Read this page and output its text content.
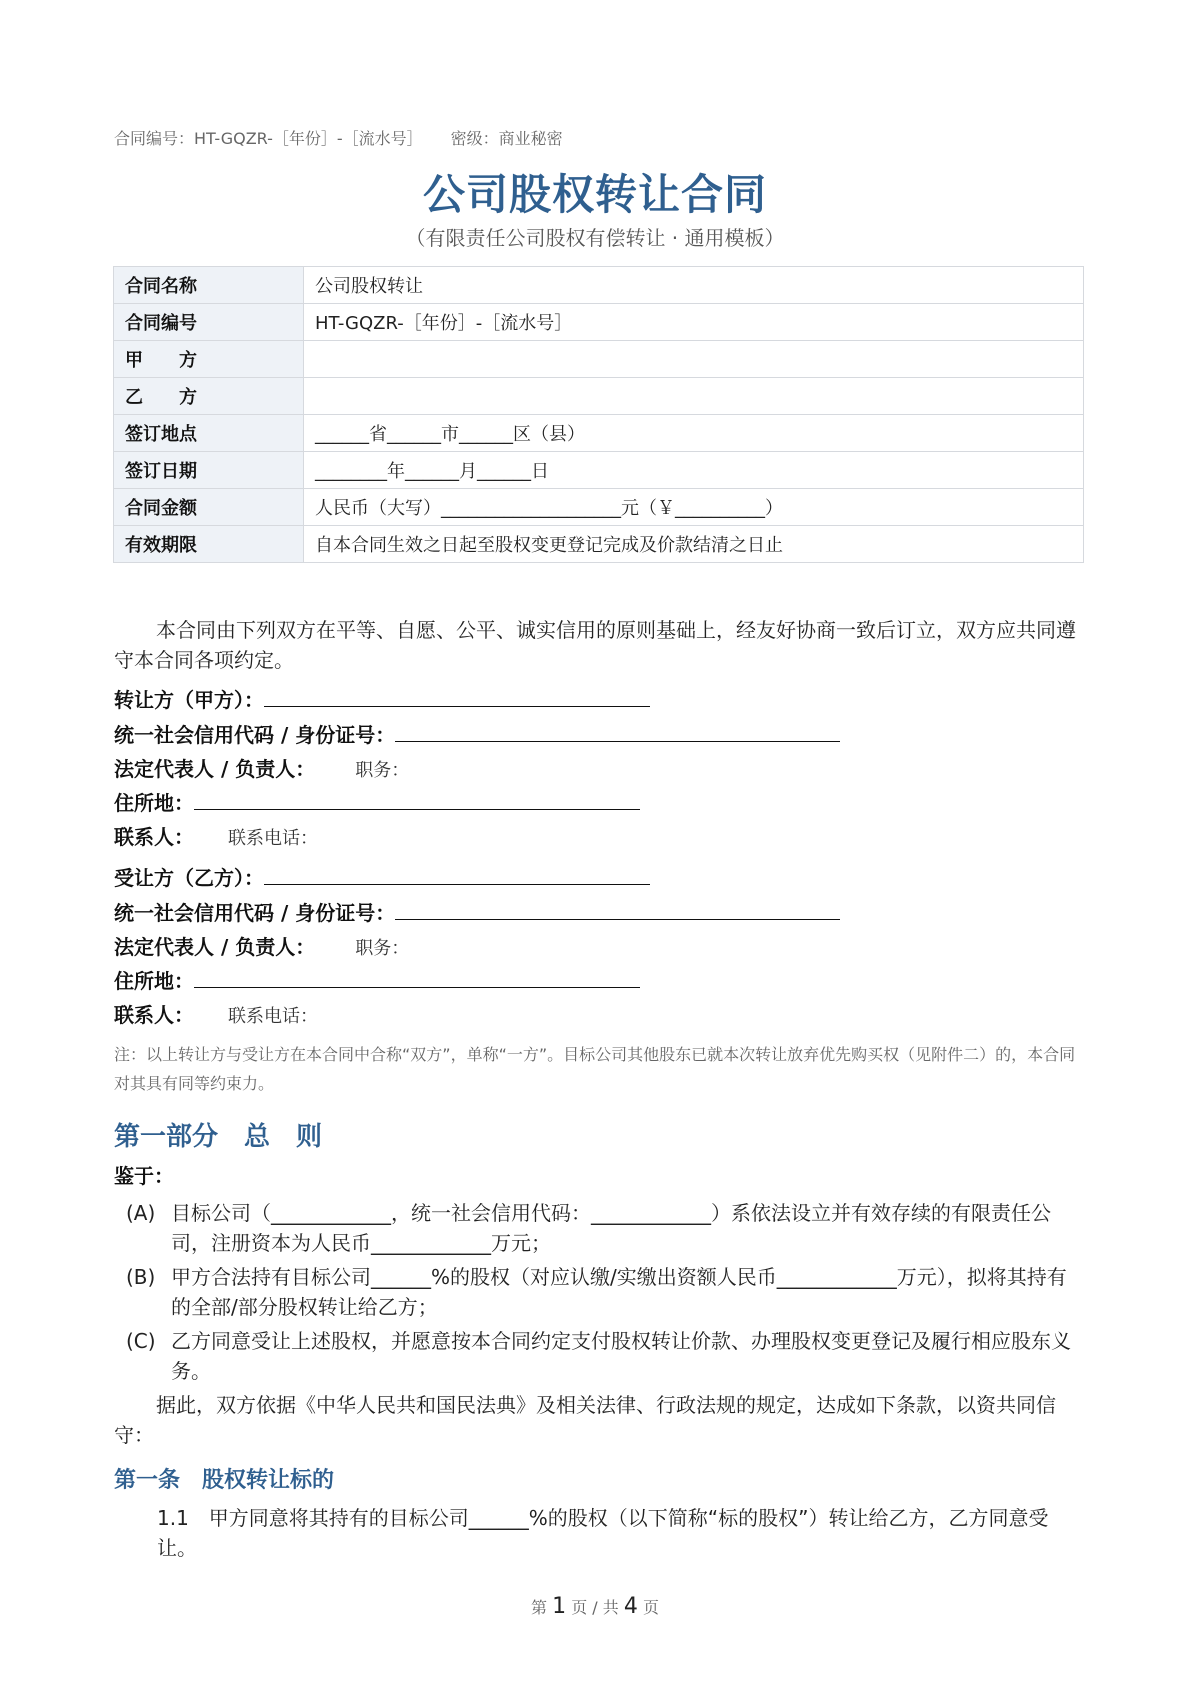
合同编号：HT-GQZR-［年份］-［流水号］ 密级：商业秘密
公司股权转让合同
（有限责任公司股权有偿转让 · 通用模板）
合同名称	公司股权转让
合同编号	HT-GQZR-［年份］-［流水号］
甲　　方	
乙　　方	
签订地点	______省______市______区（县）
签订日期	________年______月______日
合同金额	人民币（大写）____________________元（￥__________）
有效期限	自本合同生效之日起至股权变更登记完成及价款结清之日止

本合同由下列双方在平等、自愿、公平、诚实信用的原则基础上，经友好协商一致后订立，双方应共同遵守本合同各项约定。

转让方（甲方）：
统一社会信用代码 / 身份证号：
法定代表人 / 负责人： 职务：
住所地：
联系人： 联系电话：
受让方（乙方）：
统一社会信用代码 / 身份证号：
法定代表人 / 负责人： 职务：
住所地：
联系人： 联系电话：
注：以上转让方与受让方在本合同中合称“双方”，单称“一方”。目标公司其他股东已就本次转让放弃优先购买权（见附件二）的，本合同对其具有同等约束力。
第一部分　总　则
鉴于：
(A) 目标公司（____________，统一社会信用代码：____________）系依法设立并有效存续的有限责任公司，注册资本为人民币____________万元；
(B) 甲方合法持有目标公司______%的股权（对应认缴/实缴出资额人民币____________万元），拟将其持有的全部/部分股权转让给乙方；
(C) 乙方同意受让上述股权，并愿意按本合同约定支付股权转让价款、办理股权变更登记及履行相应股东义务。

据此，双方依据《中华人民共和国民法典》及相关法律、行政法规的规定，达成如下条款，以资共同信守：

第一条　股权转让标的
1.1　甲方同意将其持有的目标公司______%的股权（以下简称“标的股权”）转让给乙方，乙方同意受让。
第 1 页 / 共 4 页
